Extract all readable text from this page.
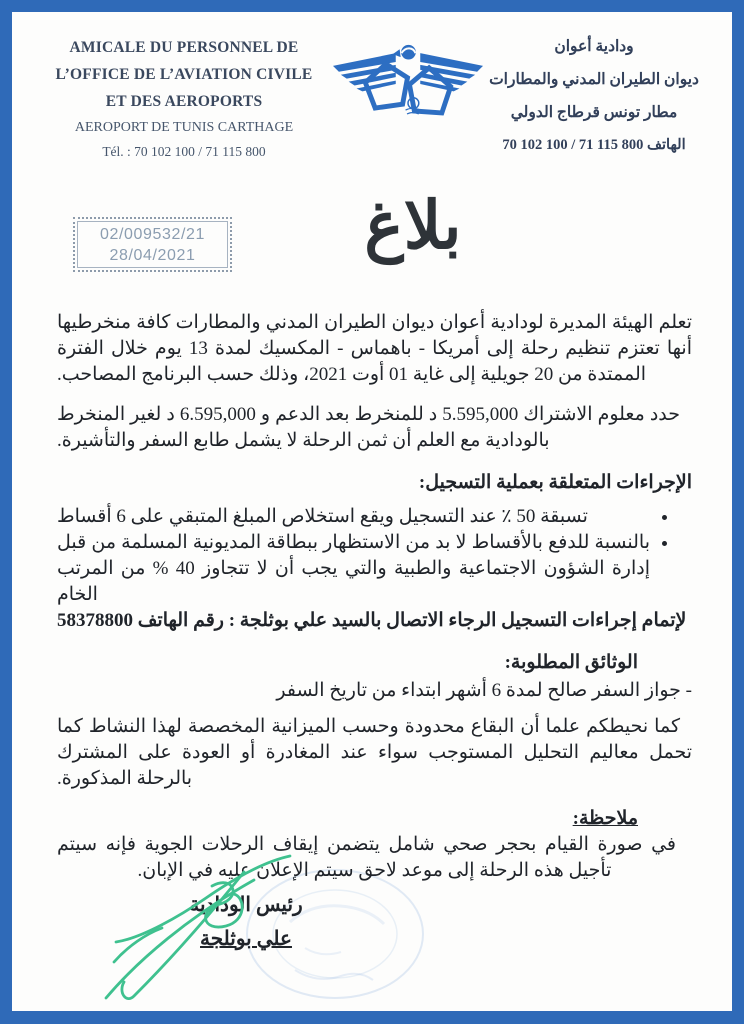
AMICALE DU PERSONNEL DE
L’OFFICE DE L’AVIATION CIVILE
ET DES AEROPORTS
AEROPORT DE TUNIS CARTHAGE
Tél. : 70 102 100 / 71 115 800
ودادية أعوان
ديوان الطيران المدني والمطارات
مطار تونس قرطاج الدولي
الهاتف 70 102 100 / 71 115 800
02/009532/21
28/04/2021	بلاغ

تعلم الهيئة المديرة لودادية أعوان ديوان الطيران المدني والمطارات كافة منخرطيها أنها تعتزم تنظيم رحلة إلى أمريكا - باهماس - المكسيك لمدة 13 يوم خلال الفترة الممتدة من 20 جويلية إلى غاية 01 أوت 2021، وذلك حسب البرنامج المصاحب.

حدد معلوم الاشتراك 5.595,000 د للمنخرط بعد الدعم و 6.595,000 د لغير المنخرط بالودادية مع العلم أن ثمن الرحلة لا يشمل طابع السفر والتأشيرة.

الإجراءات المتعلقة بعملية التسجيل:
• تسبقة 50 ٪ عند التسجيل ويقع استخلاص المبلغ المتبقي على 6 أقساط
• بالنسبة للدفع بالأقساط لا بد من الاستظهار ببطاقة المديونية المسلمة من قبل إدارة الشؤون الاجتماعية والطبية والتي يجب أن لا تتجاوز 40 % من المرتب الخام

لإتمام إجراءات التسجيل الرجاء الاتصال بالسيد علي بوثلجة : رقم الهاتف 58378800

الوثائق المطلوبة:
- جواز السفر صالح لمدة 6 أشهر ابتداء من تاريخ السفر

كما نحيطكم علما أن البقاع محدودة وحسب الميزانية المخصصة لهذا النشاط كما تحمل معاليم التحليل المستوجب سواء عند المغادرة أو العودة على المشترك بالرحلة المذكورة.

ملاحظة:

في صورة القيام بحجر صحي شامل يتضمن إيقاف الرحلات الجوية فإنه سيتم تأجيل هذه الرحلة إلى موعد لاحق سيتم الإعلان عليه في الإبان.

رئيس الودادية
علي بوثلجة
